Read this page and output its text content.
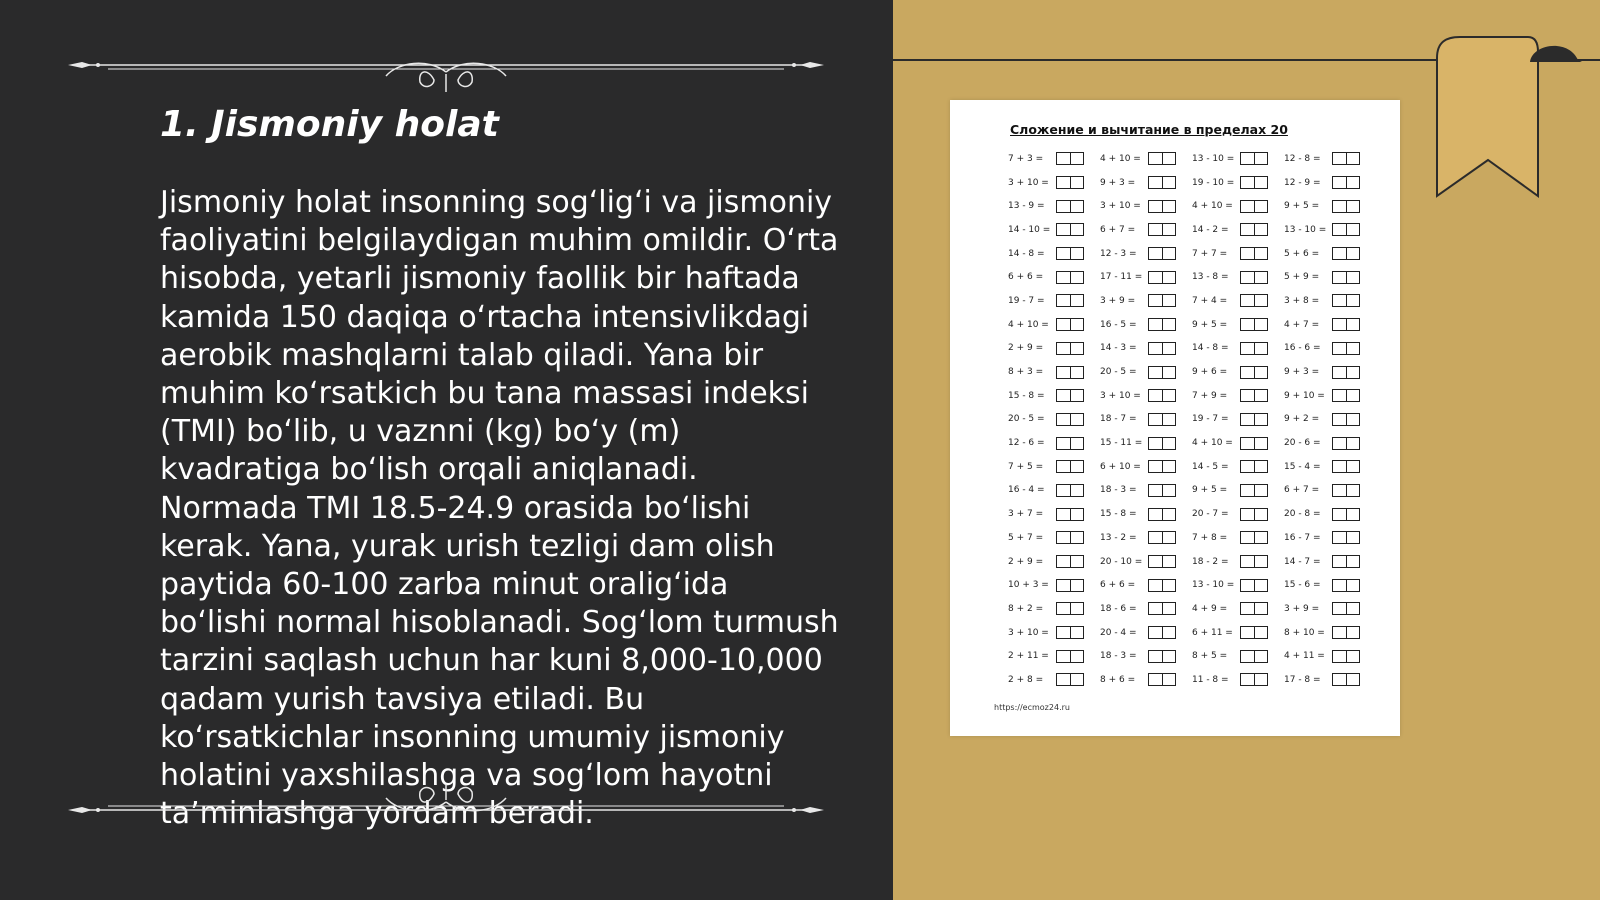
1. Jismoniy holat

Jismoniy holat insonning sog‘lig‘i va jismoniy faoliyatini belgilaydigan muhim omildir. O‘rta hisobda, yetarli jismoniy faollik bir haftada kamida 150 daqiqa o‘rtacha intensivlikdagi aerobik mashqlarni talab qiladi. Yana bir muhim ko‘rsatkich bu tana massasi indeksi (TMI) bo‘lib, u vaznni (kg) bo‘y (m) kvadratiga bo‘lish orqali aniqlanadi. Normada TMI 18.5-24.9 orasida bo‘lishi kerak. Yana, yurak urish tezligi dam olish paytida 60-100 zarba minut oralig‘ida bo‘lishi normal hisoblanadi. Sog‘lom turmush tarzini saqlash uchun har kuni 8,000-10,000 qadam yurish tavsiya etiladi. Bu ko‘rsatkichlar insonning umumiy jismoniy holatini yaxshilashga va sog‘lom hayotni ta’minlashga yordam beradi.

Сложение и вычитание в пределах 20
7 + 3 =	4 + 10 =	13 - 10 =	12 - 8 =
3 + 10 =	9 + 3 =	19 - 10 =	12 - 9 =
13 - 9 =	3 + 10 =	4 + 10 =	9 + 5 =
14 - 10 =	6 + 7 =	14 - 2 =	13 - 10 =
14 - 8 =	12 - 3 =	7 + 7 =	5 + 6 =
6 + 6 =	17 - 11 =	13 - 8 =	5 + 9 =
19 - 7 =	3 + 9 =	7 + 4 =	3 + 8 =
4 + 10 =	16 - 5 =	9 + 5 =	4 + 7 =
2 + 9 =	14 - 3 =	14 - 8 =	16 - 6 =
8 + 3 =	20 - 5 =	9 + 6 =	9 + 3 =
15 - 8 =	3 + 10 =	7 + 9 =	9 + 10 =
20 - 5 =	18 - 7 =	19 - 7 =	9 + 2 =
12 - 6 =	15 - 11 =	4 + 10 =	20 - 6 =
7 + 5 =	6 + 10 =	14 - 5 =	15 - 4 =
16 - 4 =	18 - 3 =	9 + 5 =	6 + 7 =
3 + 7 =	15 - 8 =	20 - 7 =	20 - 8 =
5 + 7 =	13 - 2 =	7 + 8 =	16 - 7 =
2 + 9 =	20 - 10 =	18 - 2 =	14 - 7 =
10 + 3 =	6 + 6 =	13 - 10 =	15 - 6 =
8 + 2 =	18 - 6 =	4 + 9 =	3 + 9 =
3 + 10 =	20 - 4 =	6 + 11 =	8 + 10 =
2 + 11 =	18 - 3 =	8 + 5 =	4 + 11 =
2 + 8 =	8 + 6 =	11 - 8 =	17 - 8 =
https://ecmoz24.ru
